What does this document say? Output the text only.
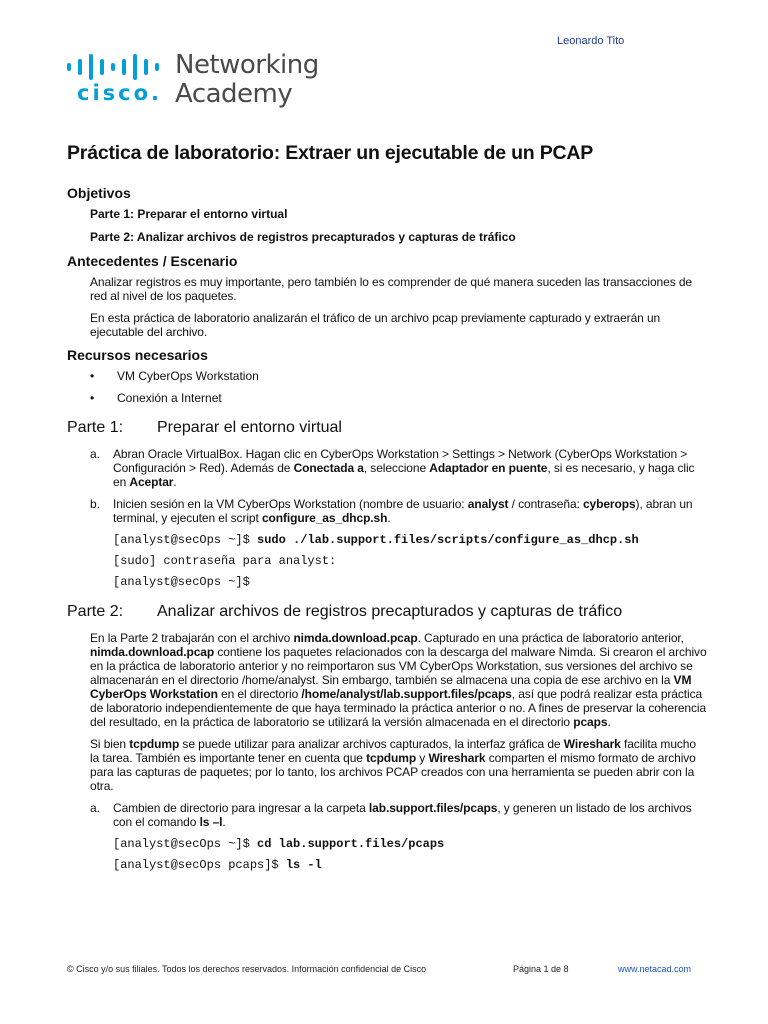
Leonardo Tito
cisco.
Networking
Academy
Práctica de laboratorio: Extraer un ejecutable de un PCAP
Objetivos
Parte 1: Preparar el entorno virtual
Parte 2: Analizar archivos de registros precapturados y capturas de tráfico
Antecedentes / Escenario

Analizar registros es muy importante, pero también lo es comprender de qué manera suceden las transacciones de red al nivel de los paquetes.

En esta práctica de laboratorio analizarán el tráfico de un archivo pcap previamente capturado y extraerán un ejecutable del archivo.

Recursos necesarios
• VM CyberOps Workstation
• Conexión a Internet
Parte 1: Preparar el entorno virtual
a.	Abran Oracle VirtualBox. Hagan clic en CyberOps Workstation > Settings > Network (CyberOps Workstation > Configuración > Red). Además de Conectada a, seleccione Adaptador en puente, si es necesario, y haga clic en Aceptar.
b.	Inicien sesión en la VM CyberOps Workstation (nombre de usuario: analyst / contraseña: cyberops), abran un terminal, y ejecuten el script configure_as_dhcp.sh.
[analyst@secOps ~]$ sudo ./lab.support.files/scripts/configure_as_dhcp.sh
[sudo] contraseña para analyst:
[analyst@secOps ~]$
Parte 2: Analizar archivos de registros precapturados y capturas de tráfico

En la Parte 2 trabajarán con el archivo nimda.download.pcap. Capturado en una práctica de laboratorio anterior, nimda.download.pcap contiene los paquetes relacionados con la descarga del malware Nimda. Si crearon el archivo en la práctica de laboratorio anterior y no reimportaron sus VM CyberOps Workstation, sus versiones del archivo se almacenarán en el directorio /home/analyst. Sin embargo, también se almacena una copia de ese archivo en la VM CyberOps Workstation en el directorio /home/analyst/lab.support.files/pcaps, así que podrá realizar esta práctica de laboratorio independientemente de que haya terminado la práctica anterior o no. A fines de preservar la coherencia del resultado, en la práctica de laboratorio se utilizará la versión almacenada en el directorio pcaps.

Si bien tcpdump se puede utilizar para analizar archivos capturados, la interfaz gráfica de Wireshark facilita mucho la tarea. También es importante tener en cuenta que tcpdump y Wireshark comparten el mismo formato de archivo para las capturas de paquetes; por lo tanto, los archivos PCAP creados con una herramienta se pueden abrir con la otra.

a.	Cambien de directorio para ingresar a la carpeta lab.support.files/pcaps, y generen un listado de los archivos con el comando ls –l.
[analyst@secOps ~]$ cd lab.support.files/pcaps
[analyst@secOps pcaps]$ ls -l
© Cisco y/o sus filiales. Todos los derechos reservados. Información confidencial de Cisco	Página 1 de 8	www.netacad.com
